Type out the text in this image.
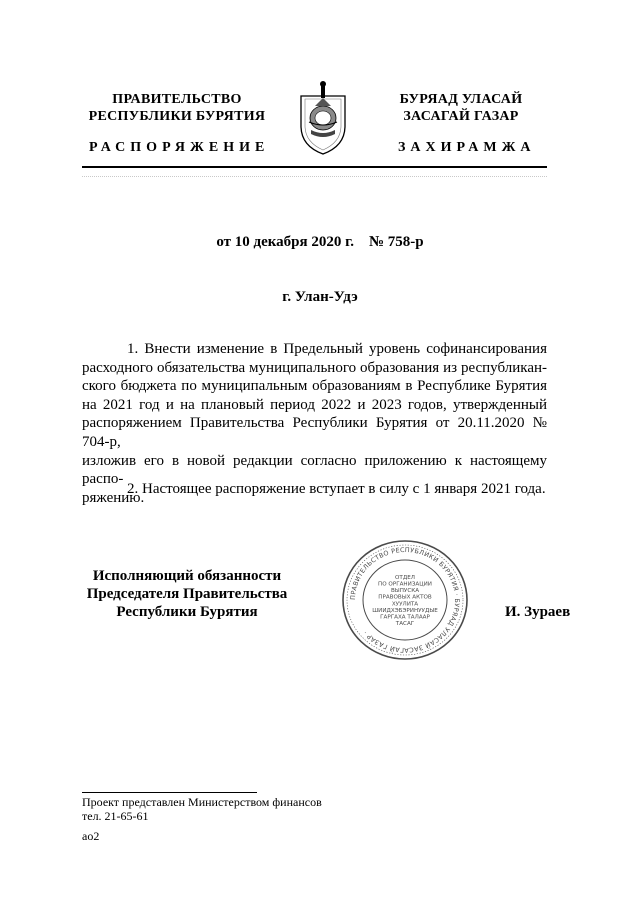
ПРАВИТЕЛЬСТВО
РЕСПУБЛИКИ БУРЯТИЯ
БУРЯАД УЛАСАЙ
ЗАСАГАЙ ГАЗАР
РАСПОРЯЖЕНИЕ	ЗАХИРАМЖА
от 10 декабря 2020 г.    № 758-р
г. Улан-Удэ
1. Внести изменение в Предельный уровень софинансирования
расходного обязательства муниципального образования из республикан-
ского бюджета по муниципальным образованиям в Республике Бурятия
на 2021 год и на плановый период 2022 и 2023 годов, утвержденный
распоряжением Правительства Республики Бурятия от 20.11.2020 № 704-р,
изложив его в новой редакции согласно приложению к настоящему распо-
ряжению.
2. Настоящее распоряжение вступает в силу с 1 января 2021 года.
Исполняющий обязанности
Председателя Правительства
Республики Бурятия
ПРАВИТЕЛЬСТВО РЕСПУБЛИКИ БУРЯТИЯ · БУРЯАД УЛАСАЙ ЗАСАГАЙ ГАЗАР ·
ОТДЕЛ
ПО ОРГАНИЗАЦИИ
ВЫПУСКА
ПРАВОВЫХ АКТОВ
ХУУЛИТА
ШИИДХЭБЭРИНУУДЫЕ
ГАРГАХА ТАЛААР
ТАСАГ
И. Зураев
Проект представлен Министерством финансов
тел. 21-65-61
ао2
